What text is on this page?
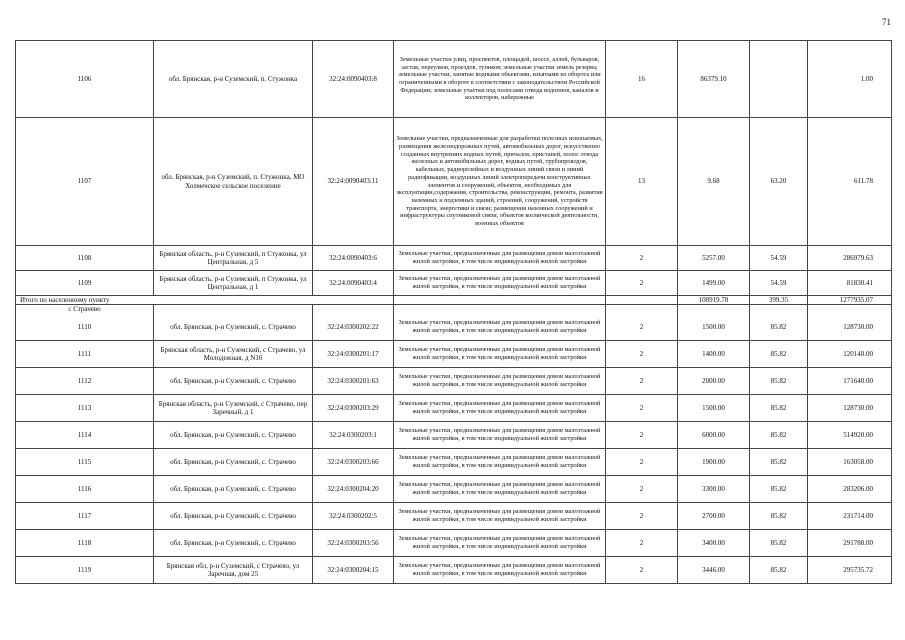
71
1106	обл. Брянская, р-н Суземский, п. Стужонка	32:24:0090403:8	Земельные участки улиц, проспектов, площадей, шоссе, аллей, бульваров, застав, переулков, проездов, тупиков; земельные участки земель резерва; земельные участки, занятые водными объектами, изъятыми из оборота или ограниченными в обороте в соответствии с законодательством Российской Федерации; земельные участки под полосами отвода водоемов, каналов и коллекторов, набережные	16	86379.10		1.00
1107	обл. Брянская, р-н Суземский, п. Стужонка, МО Холмечское сельское поселение	32:24:0090403:11	Земельные участки, предназначенные для разработки полезных ископаемых, размещения железнодорожных путей, автомобильных дорог, искусственно созданных внутренних водных путей, причалов, пристаней, полос отвода железных и автомобильных дорог, водных путей, трубопроводов, кабельных, радиорелейных и воздушных линий связи и линий радиофикации, воздушных линий электропередачи конструктивных элементов и сооружений, объектов, необходимых для эксплуатации,содержания, строительства, реконструкции, ремонта, развития наземных и подземных зданий, строений, сооружений, устройств транспорта, энергетики и связи; размещения наземных сооружений и инфраструктуры спутниковой связи, объектов космической деятельности, военных объектов	13	9.68	63.20	611.78
1108	Брянская область, р-н Суземский, п Стужонка, ул Центральная, д 5	32:24:0090403:6	Земельные участки, предназначенные для размещения домов малоэтажной жилой застройки, в том числе индивидуальной жилой застройки	2	5257.00	54.59	286979.63
1109	Брянская область, р-н Суземский, п Стужонка, ул Центральная, д 1	32:24:0090403:4	Земельные участки, предназначенные для размещения домов малоэтажной жилой застройки, в том числе индивидуальной жилой застройки	2	1499.00	54.59	81830.41
Итого по населенному пункту					108919.78	399.35	1277935.07
с Страчево							
1110	обл. Брянская, р-н Суземский, с. Страчево	32:24:0300202:22	Земельные участки, предназначенные для размещения домов малоэтажной жилой застройки, в том числе индивидуальной жилой застройки	2	1500.00	85.82	128730.00
1111	Брянская область, р-н Суземский, с Страчево, ул Молодежная, д N16	32:24:0300201:17	Земельные участки, предназначенные для размещения домов малоэтажной жилой застройки, в том числе индивидуальной жилой застройки	2	1400.00	85.82	120148.00
1112	обл. Брянская, р-н Суземский, с. Страчево	32:24:0300201:63	Земельные участки, предназначенные для размещения домов малоэтажной жилой застройки, в том числе индивидуальной жилой застройки	2	2000.00	85.82	171640.00
1113	Брянская область, р-н Суземский, с Страчево, пер Заречный, д 1	32:24:0300203:29	Земельные участки, предназначенные для размещения домов малоэтажной жилой застройки, в том числе индивидуальной жилой застройки	2	1500.00	85.82	128730.00
1114	обл. Брянская, р-н Суземский, с. Страчево	32:24:0300203:1	Земельные участки, предназначенные для размещения домов малоэтажной жилой застройки, в том числе индивидуальной жилой застройки	2	6000.00	85.82	514920.00
1115	обл. Брянская, р-н Суземский, с. Страчево	32:24:0300203:66	Земельные участки, предназначенные для размещения домов малоэтажной жилой застройки, в том числе индивидуальной жилой застройки	2	1900.00	85.82	163058.00
1116	обл. Брянская, р-н Суземский, с. Страчево	32:24:0300204:20	Земельные участки, предназначенные для размещения домов малоэтажной жилой застройки, в том числе индивидуальной жилой застройки	2	3300.00	85.82	283206.00
1117	обл. Брянская, р-н Суземский, с. Страчево	32:24:0300202:5	Земельные участки, предназначенные для размещения домов малоэтажной жилой застройки, в том числе индивидуальной жилой застройки	2	2700.00	85.82	231714.00
1118	обл. Брянская, р-н Суземский, с. Страчево	32:24:0300203:56	Земельные участки, предназначенные для размещения домов малоэтажной жилой застройки, в том числе индивидуальной жилой застройки	2	3400.00	85.82	291788.00
1119	Брянская обл, р-н Суземский, с Страчево, ул Заречная, дом 25	32:24:0300204:15	Земельные участки, предназначенные для размещения домов малоэтажной жилой застройки, в том числе индивидуальной жилой застройки	2	3446.00	85.82	295735.72
